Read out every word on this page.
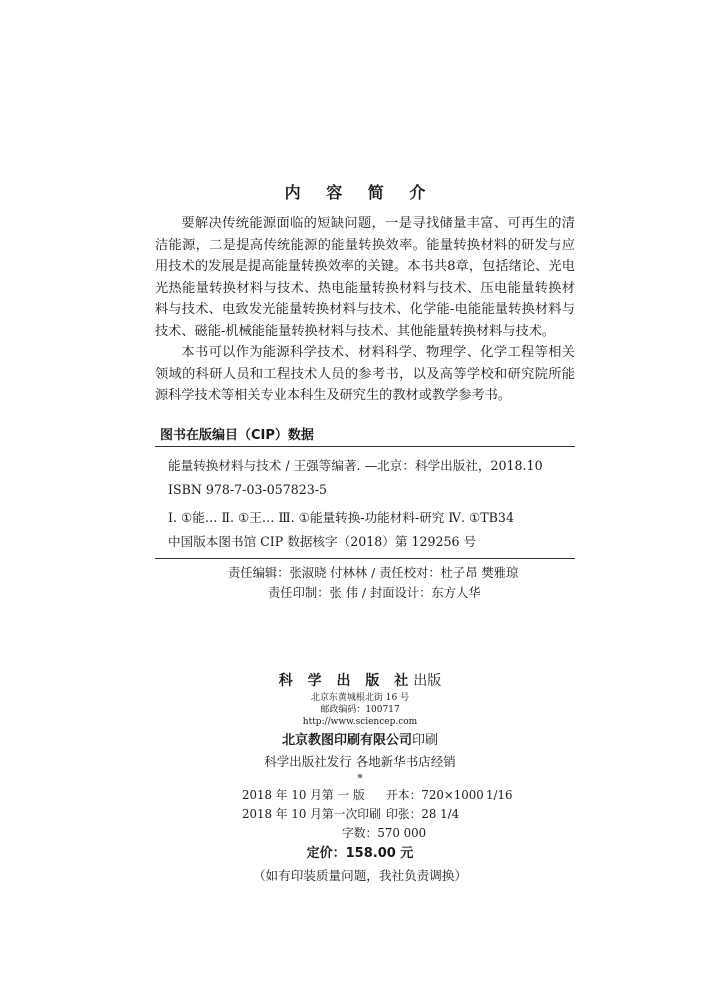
内 容 简 介

要解决传统能源面临的短缺问题，一是寻找储量丰富、可再生的清洁能源，二是提高传统能源的能量转换效率。能量转换材料的研发与应用技术的发展是提高能量转换效率的关键。本书共8章，包括绪论、光电光热能量转换材料与技术、热电能量转换材料与技术、压电能量转换材料与技术、电致发光能量转换材料与技术、化学能-电能能量转换材料与技术、磁能-机械能能量转换材料与技术、其他能量转换材料与技术。

本书可以作为能源科学技术、材料科学、物理学、化学工程等相关领域的科研人员和工程技术人员的参考书，以及高等学校和研究院所能源科学技术等相关专业本科生及研究生的教材或教学参考书。

图书在版编目（CIP）数据
能量转换材料与技术 / 王强等编著. —北京：科学出版社，2018.10
ISBN 978-7-03-057823-5
Ⅰ. ①能… Ⅱ. ①王… Ⅲ. ①能量转换-功能材料-研究 Ⅳ. ①TB34
中国版本图书馆 CIP 数据核字（2018）第 129256 号
责任编辑：张淑晓 付林林 / 责任校对：杜子昂 樊雅琼
责任印制：张 伟 / 封面设计：东方人华
科 学 出 版 社出版
北京东黄城根北街 16 号
邮政编码：100717
http://www.sciencep.com
北京教图印刷有限公司印刷
科学出版社发行 各地新华书店经销
*
2018 年 10 月第 一 版 开本：720×1000 1/16
2018 年 10 月第一次印刷 印张：28 1/4
字数：570 000
定价：158.00 元
（如有印装质量问题，我社负责调换）
